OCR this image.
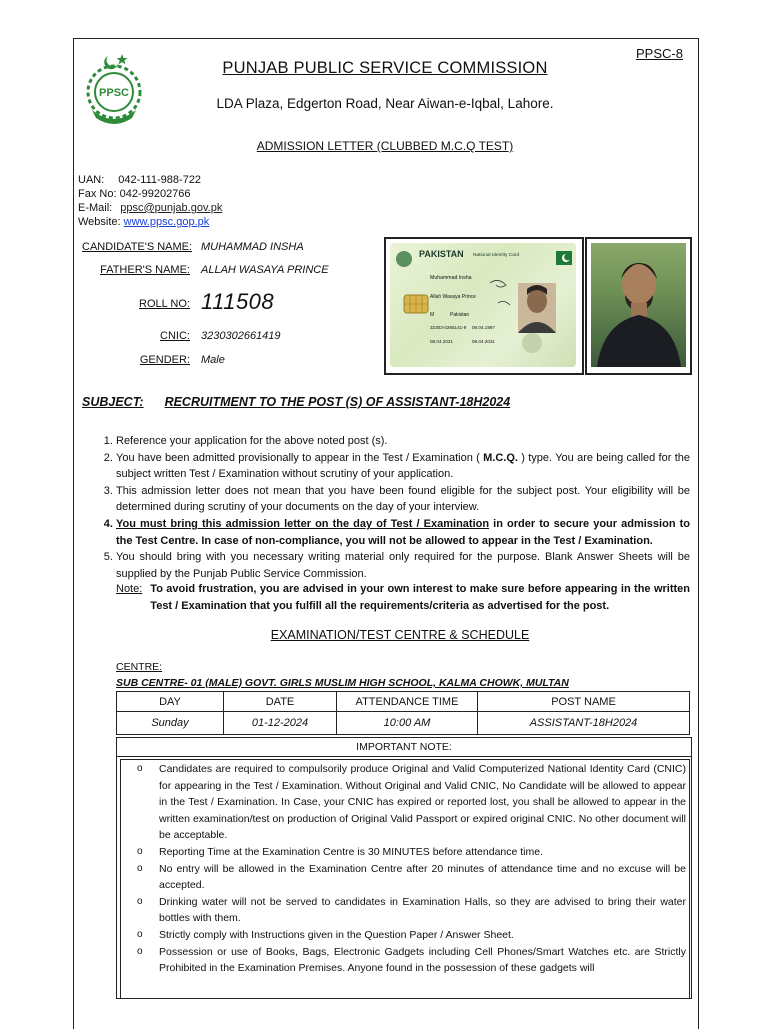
PPSC
PPSC-8
PUNJAB PUBLIC SERVICE COMMISSION
LDA Plaza, Edgerton Road, Near Aiwan-e-Iqbal, Lahore.
ADMISSION LETTER (CLUBBED M.C.Q TEST)
UAN: 042-111-988-722
Fax No: 042-99202766
E-Mail: ppsc@punjab.gov.pk
Website: www.ppsc.gop.pk
CANDIDATE'S NAME: MUHAMMAD INSHA
FATHER'S NAME: ALLAH WASAYA PRINCE
ROLL NO: 111508
CNIC: 3230302661419
GENDER: Male
PAKISTAN National Identity Card
Muhammad Insha
Allah Wasaya Prince
M	Pakistan
32303-0266141-9 08.04.1997
08.04.2021	08.04.2031
SUBJECT: RECRUITMENT TO THE POST (S) OF ASSISTANT-18H2024
1. Reference your application for the above noted post (s).
2. You have been admitted provisionally to appear in the Test / Examination ( M.C.Q. ) type. You are being called for the subject written Test / Examination without scrutiny of your application.
3. This admission letter does not mean that you have been found eligible for the subject post. Your eligibility will be determined during scrutiny of your documents on the day of your interview.
4. You must bring this admission letter on the day of Test / Examination in order to secure your admission to the Test Centre. In case of non-compliance, you will not be allowed to appear in the Test / Examination.
5. You should bring with you necessary writing material only required for the purpose. Blank Answer Sheets will be supplied by the Punjab Public Service Commission.
Note: To avoid frustration, you are advised in your own interest to make sure before appearing in the written Test / Examination that you fulfill all the requirements/criteria as advertised for the post.
EXAMINATION/TEST CENTRE & SCHEDULE
CENTRE:
SUB CENTRE- 01 (MALE) GOVT. GIRLS MUSLIM HIGH SCHOOL, KALMA CHOWK, MULTAN
DAY	DATE	ATTENDANCE TIME	POST NAME
Sunday	01-12-2024	10:00 AM	ASSISTANT-18H2024
IMPORTANT NOTE:
o Candidates are required to compulsorily produce Original and Valid Computerized National Identity Card (CNIC) for appearing in the Test / Examination. Without Original and Valid CNIC, No Candidate will be allowed to appear in the Test / Examination. In Case, your CNIC has expired or reported lost, you shall be allowed to appear in the written examination/test on production of Original Valid Passport or expired original CNIC. No other document will be acceptable.
o Reporting Time at the Examination Centre is 30 MINUTES before attendance time.
o No entry will be allowed in the Examination Centre after 20 minutes of attendance time and no excuse will be accepted.
o Drinking water will not be served to candidates in Examination Halls, so they are advised to bring their water bottles with them.
o Strictly comply with Instructions given in the Question Paper / Answer Sheet.
o Possession or use of Books, Bags, Electronic Gadgets including Cell Phones/Smart Watches etc. are Strictly Prohibited in the Examination Premises. Anyone found in the possession of these gadgets will
